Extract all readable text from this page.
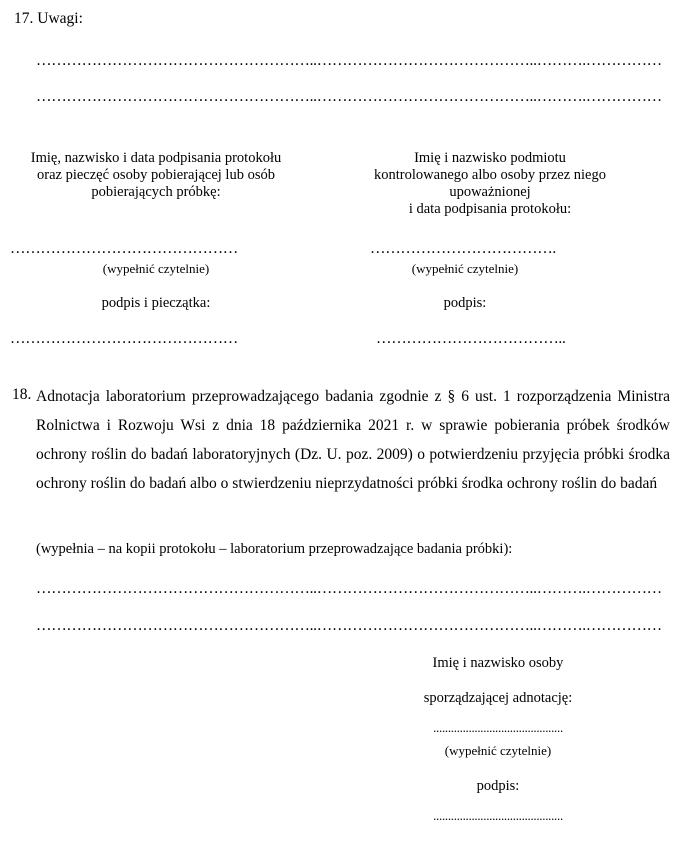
17. Uwagi:
………………………………………………..……………………………………..……….……………
………………………………………………..……………………………………..……….……………
Imię, nazwisko i data podpisania protokołu
oraz pieczęć osoby pobierającej lub osób
pobierających próbkę:
………………………………………
(wypełnić czytelnie)
podpis i pieczątka:
………………………………………
Imię i nazwisko podmiotu
kontrolowanego albo osoby przez niego
upoważnionej
i data podpisania protokołu:
……………………………….
(wypełnić czytelnie)
podpis:
………………………………..
18. Adnotacja laboratorium przeprowadzającego badania zgodnie z § 6 ust. 1 rozporządzenia Ministra Rolnictwa i Rozwoju Wsi z dnia 18 października 2021 r. w sprawie pobierania próbek środków ochrony roślin do badań laboratoryjnych (Dz. U. poz. 2009) o potwierdzeniu przyjęcia próbki środka ochrony roślin do badań albo o stwierdzeniu nieprzydatności próbki środka ochrony roślin do badań
(wypełnia – na kopii protokołu – laboratorium przeprowadzające badania próbki):
………………………………………………..……………………………………..……….……………
………………………………………………..……………………………………..……….……………
Imię i nazwisko osoby
sporządzającej adnotację:
............................................
(wypełnić czytelnie)
podpis:
............................................
